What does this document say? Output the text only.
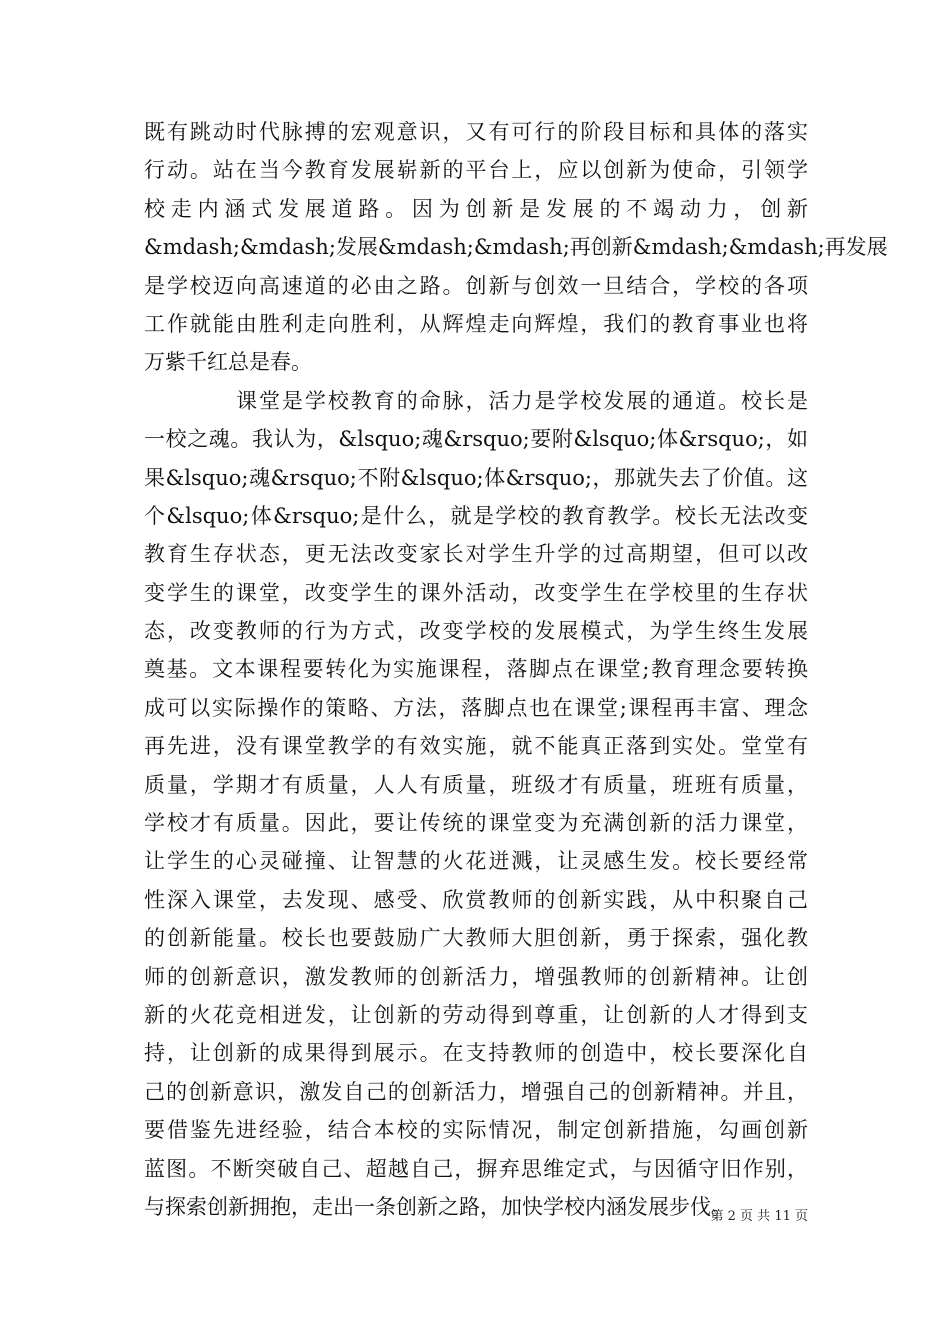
既有跳动时代脉搏的宏观意识，又有可行的阶段目标和具体的落实
行动。站在当今教育发展崭新的平台上，应以创新为使命，引领学
校走内涵式发展道路。因为创新是发展的不竭动力，创新
&mdash;&mdash;发展&mdash;&mdash;再创新&mdash;&mdash;再发展
是学校迈向高速道的必由之路。创新与创效一旦结合，学校的各项
工作就能由胜利走向胜利，从辉煌走向辉煌，我们的教育事业也将
万紫千红总是春。
课堂是学校教育的命脉，活力是学校发展的通道。校长是
一校之魂。我认为，&lsquo;魂&rsquo;要附&lsquo;体&rsquo;，如
果&lsquo;魂&rsquo;不附&lsquo;体&rsquo;，那就失去了价值。这
个&lsquo;体&rsquo;是什么，就是学校的教育教学。校长无法改变
教育生存状态，更无法改变家长对学生升学的过高期望，但可以改
变学生的课堂，改变学生的课外活动，改变学生在学校里的生存状
态，改变教师的行为方式，改变学校的发展模式，为学生终生发展
奠基。文本课程要转化为实施课程，落脚点在课堂;教育理念要转换
成可以实际操作的策略、方法，落脚点也在课堂;课程再丰富、理念
再先进，没有课堂教学的有效实施，就不能真正落到实处。堂堂有
质量，学期才有质量，人人有质量，班级才有质量，班班有质量，
学校才有质量。因此，要让传统的课堂变为充满创新的活力课堂，
让学生的心灵碰撞、让智慧的火花迸溅，让灵感生发。校长要经常
性深入课堂，去发现、感受、欣赏教师的创新实践，从中积聚自己
的创新能量。校长也要鼓励广大教师大胆创新，勇于探索，强化教
师的创新意识，激发教师的创新活力，增强教师的创新精神。让创
新的火花竞相迸发，让创新的劳动得到尊重，让创新的人才得到支
持，让创新的成果得到展示。在支持教师的创造中，校长要深化自
己的创新意识，激发自己的创新活力，增强自己的创新精神。并且，
要借鉴先进经验，结合本校的实际情况，制定创新措施，勾画创新
蓝图。不断突破自己、超越自己，摒弃思维定式，与因循守旧作别，
与探索创新拥抱，走出一条创新之路，加快学校内涵发展步伐。
第 2 页 共 11 页
